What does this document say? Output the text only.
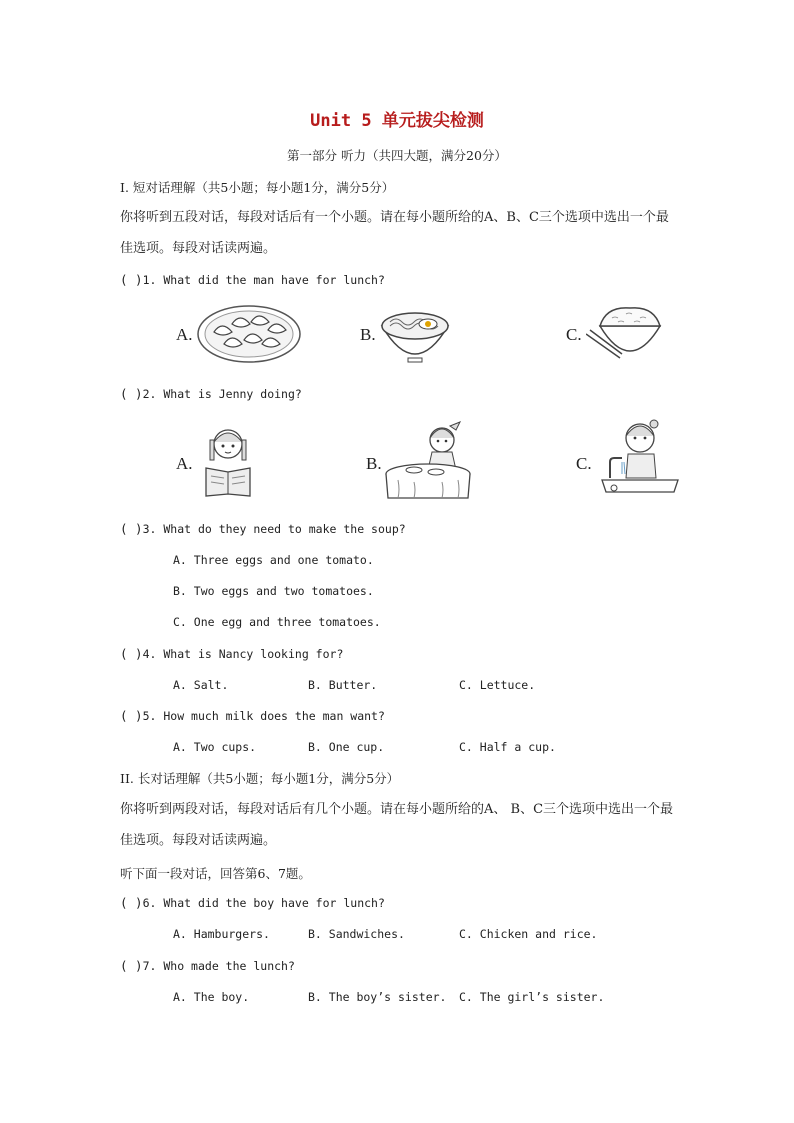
Unit 5 单元拔尖检测
第一部分 听力（共四大题，满分20分）
I. 短对话理解（共5小题；每小题1分，满分5分）
你将听到五段对话，每段对话后有一个小题。请在每小题所给的A、B、C三个选项中选出一个最佳选项。每段对话读两遍。
( )1. What did the man have for lunch?
A.	B.	C.
( )2. What is Jenny doing?
A.	B.	C.
( )3. What do they need to make the soup?
A. Three eggs and one tomato.
B. Two eggs and two tomatoes.
C. One egg and three tomatoes.
( )4. What is Nancy looking for?
A. Salt.	B. Butter.	C. Lettuce.
( )5. How much milk does the man want?
A. Two cups.	B. One cup.	C. Half a cup.
II. 长对话理解（共5小题；每小题1分，满分5分）
你将听到两段对话，每段对话后有几个小题。请在每小题所给的A、 B、C三个选项中选出一个最佳选项。每段对话读两遍。
听下面一段对话，回答第6、7题。
( )6. What did the boy have for lunch?
A. Hamburgers.	B. Sandwiches.	C. Chicken and rice.
( )7. Who made the lunch?
A. The boy.	B. The boy’s sister. C. The girl’s sister.
